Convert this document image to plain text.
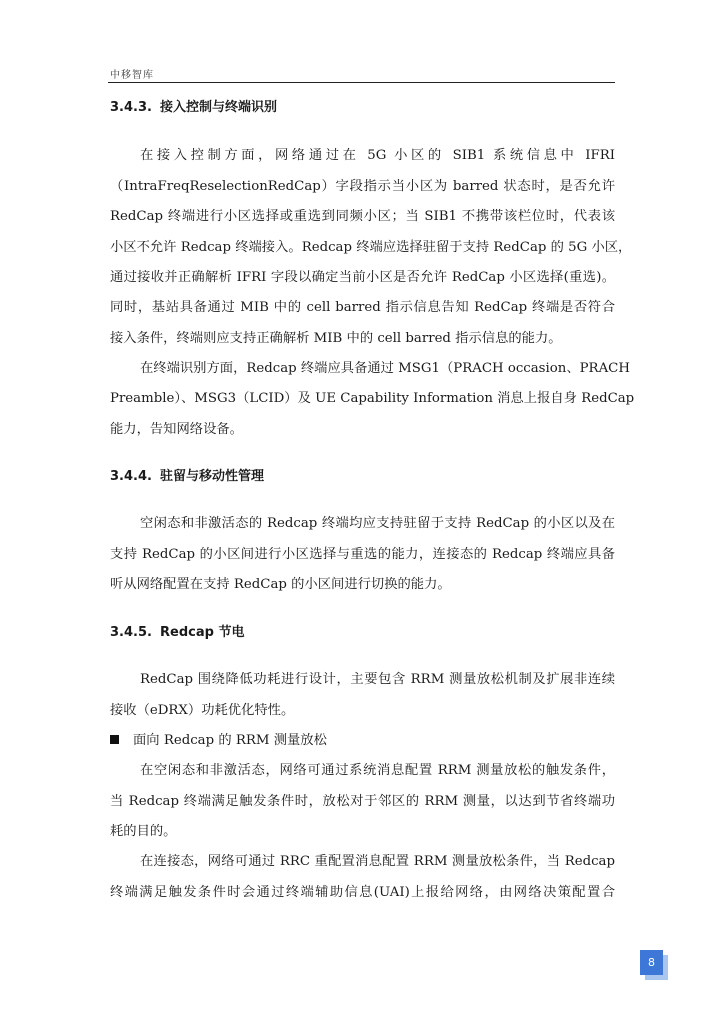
中移智库
3.4.3. 接入控制与终端识别
在接入控制方面，网络通过在 5G 小区的 SIB1 系统信息中 IFRI
（IntraFreqReselectionRedCap）字段指示当小区为 barred 状态时，是否允许
RedCap 终端进行小区选择或重选到同频小区；当 SIB1 不携带该栏位时，代表该
小区不允许 Redcap 终端接入。Redcap 终端应选择驻留于支持 RedCap 的 5G 小区，
通过接收并正确解析 IFRI 字段以确定当前小区是否允许 RedCap 小区选择(重选)。
同时，基站具备通过 MIB 中的 cell barred 指示信息告知 RedCap 终端是否符合
接入条件，终端则应支持正确解析 MIB 中的 cell barred 指示信息的能力。
在终端识别方面，Redcap 终端应具备通过 MSG1（PRACH occasion、PRACH
Preamble）、MSG3（LCID）及 UE Capability Information 消息上报自身 RedCap
能力，告知网络设备。
3.4.4. 驻留与移动性管理
空闲态和非激活态的 Redcap 终端均应支持驻留于支持 RedCap 的小区以及在
支持 RedCap 的小区间进行小区选择与重选的能力，连接态的 Redcap 终端应具备
听从网络配置在支持 RedCap 的小区间进行切换的能力。
3.4.5. Redcap 节电
RedCap 围绕降低功耗进行设计，主要包含 RRM 测量放松机制及扩展非连续
接收（eDRX）功耗优化特性。
面向 Redcap 的 RRM 测量放松
在空闲态和非激活态，网络可通过系统消息配置 RRM 测量放松的触发条件，
当 Redcap 终端满足触发条件时，放松对于邻区的 RRM 测量，以达到节省终端功
耗的目的。
在连接态，网络可通过 RRC 重配置消息配置 RRM 测量放松条件，当 Redcap
终端满足触发条件时会通过终端辅助信息(UAI)上报给网络，由网络决策配置合
8
